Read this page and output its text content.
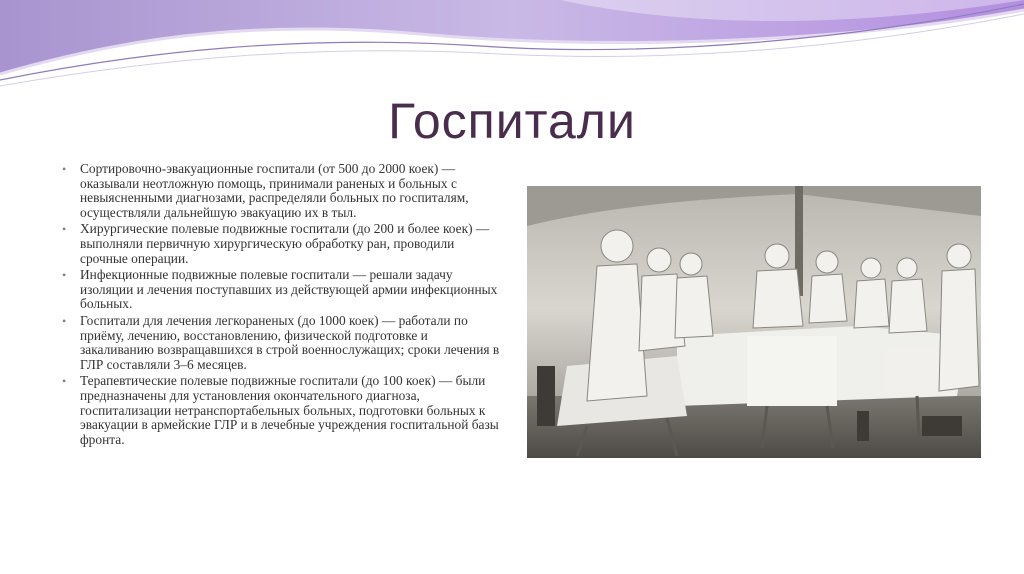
Госпитали
• Сортировочно-эвакуационные госпитали (от 500 до 2000 коек) — оказывали неотложную помощь, принимали раненых и больных с невыясненными диагнозами, распределяли больных по госпиталям, осуществляли дальнейшую эвакуацию их в тыл.
• Хирургические полевые подвижные госпитали (до 200 и более коек) — выполняли первичную хирургическую обработку ран, проводили срочные операции.
• Инфекционные подвижные полевые госпитали — решали задачу изоляции и лечения поступавших из действующей армии инфекционных больных.
• Госпитали для лечения легкораненых (до 1000 коек) — работали по приёму, лечению, восстановлению, физической подготовке и закаливанию возвращавшихся в строй военнослужащих; сроки лечения в ГЛР составляли 3–6 месяцев.
• Терапевтические полевые подвижные госпитали (до 100 коек) — были предназначены для установления окончательного диагноза, госпитализации нетранспортабельных больных, подготовки больных к эвакуации в армейские ГЛР и в лечебные учреждения госпитальной базы фронта.
